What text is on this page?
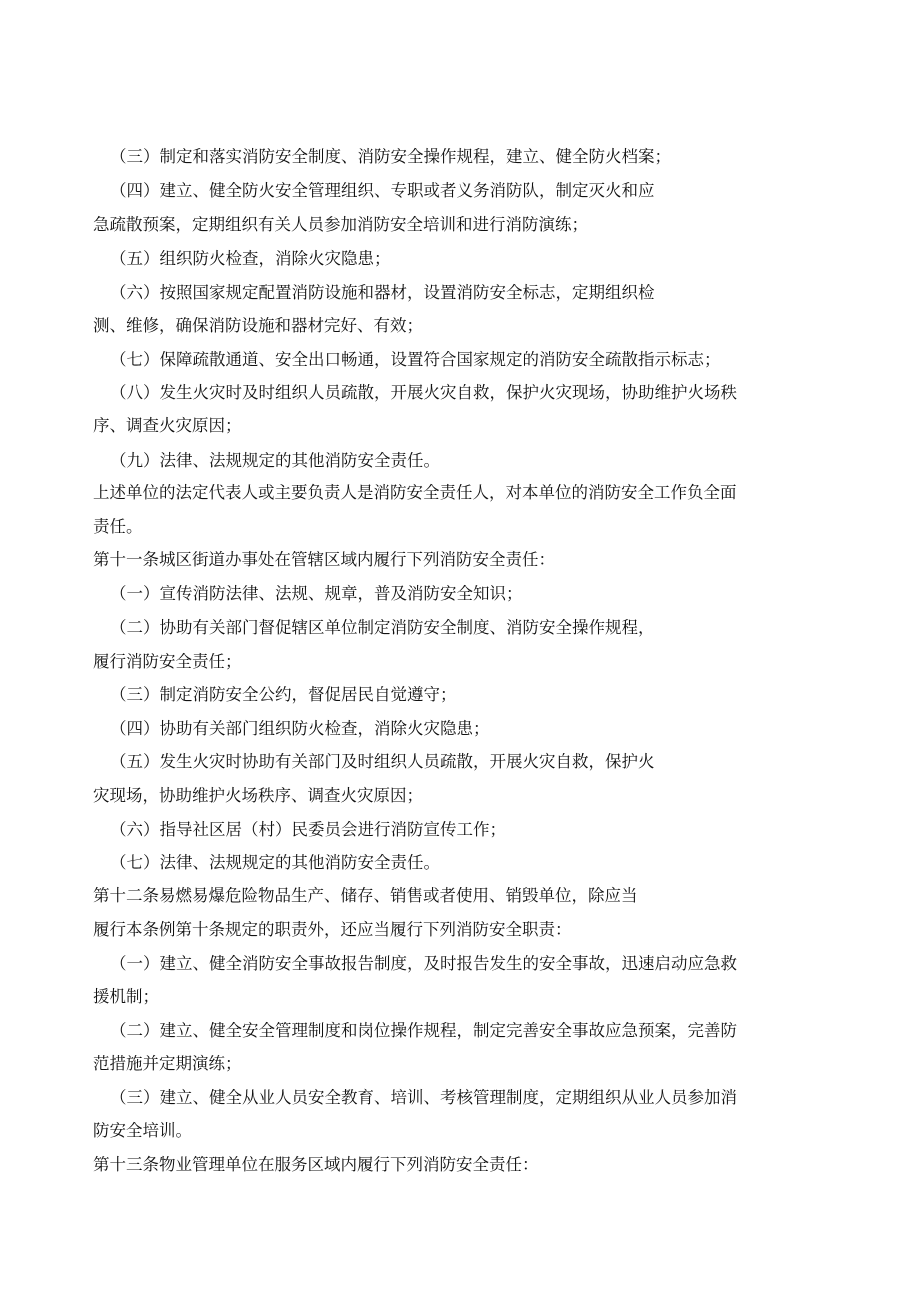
（三）制定和落实消防安全制度、消防安全操作规程，建立、健全防火档案；
（四）建立、健全防火安全管理组织、专职或者义务消防队，制定灭火和应
急疏散预案，定期组织有关人员参加消防安全培训和进行消防演练；
（五）组织防火检查，消除火灾隐患；
（六）按照国家规定配置消防设施和器材，设置消防安全标志，定期组织检
测、维修，确保消防设施和器材完好、有效；
（七）保障疏散通道、安全出口畅通，设置符合国家规定的消防安全疏散指示标志；
（八）发生火灾时及时组织人员疏散，开展火灾自救，保护火灾现场，协助维护火场秩
序、调查火灾原因；
（九）法律、法规规定的其他消防安全责任。
上述单位的法定代表人或主要负责人是消防安全责任人，对本单位的消防安全工作负全面
责任。
第十一条城区街道办事处在管辖区域内履行下列消防安全责任：
（一）宣传消防法律、法规、规章，普及消防安全知识；
（二）协助有关部门督促辖区单位制定消防安全制度、消防安全操作规程，
履行消防安全责任；
（三）制定消防安全公约，督促居民自觉遵守；
（四）协助有关部门组织防火检查，消除火灾隐患；
（五）发生火灾时协助有关部门及时组织人员疏散，开展火灾自救，保护火
灾现场，协助维护火场秩序、调查火灾原因；
（六）指导社区居（村）民委员会进行消防宣传工作；
（七）法律、法规规定的其他消防安全责任。
第十二条易燃易爆危险物品生产、储存、销售或者使用、销毁单位，除应当
履行本条例第十条规定的职责外，还应当履行下列消防安全职责：
（一）建立、健全消防安全事故报告制度，及时报告发生的安全事故，迅速启动应急救
援机制；
（二）建立、健全安全管理制度和岗位操作规程，制定完善安全事故应急预案，完善防
范措施并定期演练；
（三）建立、健全从业人员安全教育、培训、考核管理制度，定期组织从业人员参加消
防安全培训。
第十三条物业管理单位在服务区域内履行下列消防安全责任：
